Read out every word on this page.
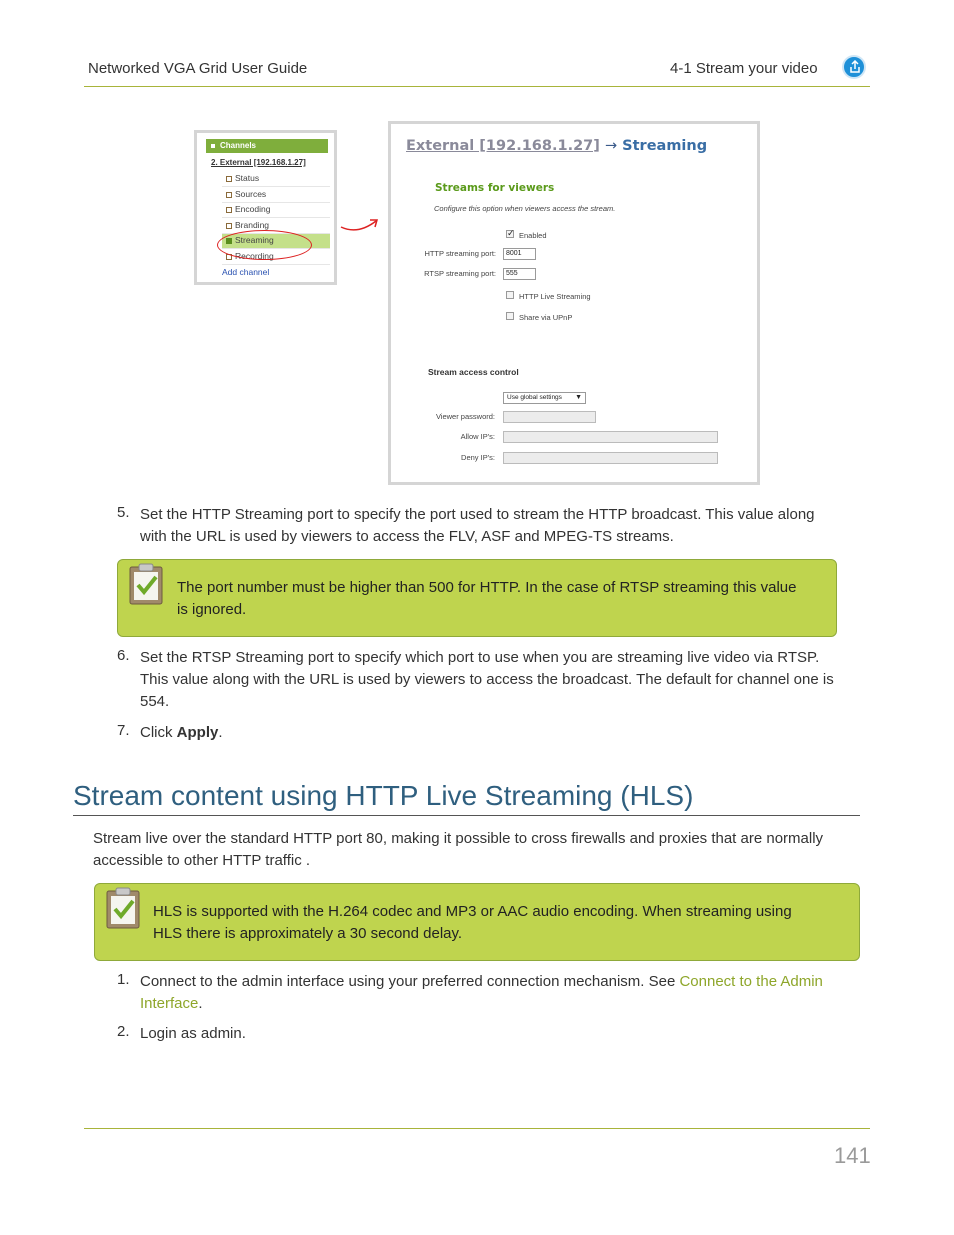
Networked VGA Grid User Guide	4-1 Stream your video
Channels
2. External [192.168.1.27]
Status
Sources
Encoding
Branding
Streaming
Recording
Add channel
External [192.168.1.27] → Streaming
Streams for viewers
Configure this option when viewers access the stream.
✓
Enabled
HTTP streaming port:	8001
RTSP streaming port:	555
HTTP Live Streaming
Share via UPnP
Stream access control
Use global settings ▼
Viewer password:
Allow IP's:
Deny IP's:
5. Set the HTTP Streaming port to specify the port used to stream the HTTP broadcast. This value along
with the URL is used by viewers to access the FLV, ASF and MPEG-TS streams.
The port number must be higher than 500 for HTTP. In the case of RTSP streaming this value
is ignored.
6. Set the RTSP Streaming port to specify which port to use when you are streaming live video via RTSP.
This value along with the URL is used by viewers to access the broadcast. The default for channel one is
554.
7. Click Apply.
Stream content using HTTP Live Streaming (HLS)
Stream live over the standard HTTP port 80, making it possible to cross firewalls and proxies that are normally
accessible to other HTTP traffic .
HLS is supported with the H.264 codec and MP3 or AAC audio encoding. When streaming using
HLS there is approximately a 30 second delay.
1. Connect to the admin interface using your preferred connection mechanism. See Connect to the Admin
Interface.
2. Login as admin.
141
